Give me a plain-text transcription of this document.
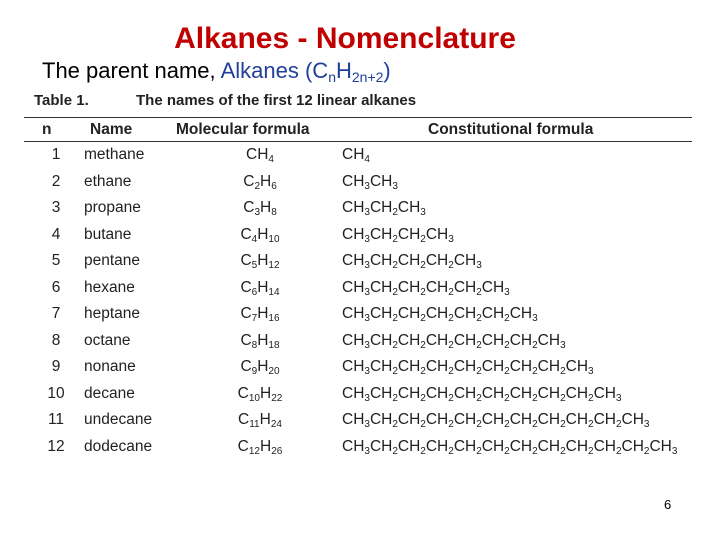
Alkanes - Nomenclature
The parent name, Alkanes $(C_nH_{2n+2})$
Table 1.	The names of the first 12 linear alkanes
n	Name	Molecular formula	Constitutional formula
1	methane	$CH_4$	$CH_4$
2	ethane	$C_2H_6$	$CH_3CH_3$
3	propane	$C_3H_8$	$CH_3CH_2CH_3$
4	butane	$C_4H_{10}$	$CH_3CH_2CH_2CH_3$
5	pentane	$C_5H_{12}$	$CH_3CH_2CH_2CH_2CH_3$
6	hexane	$C_6H_{14}$	$CH_3CH_2CH_2CH_2CH_2CH_3$
7	heptane	$C_7H_{16}$	$CH_3CH_2CH_2CH_2CH_2CH_2CH_3$
8	octane	$C_8H_{18}$	$CH_3CH_2CH_2CH_2CH_2CH_2CH_2CH_3$
9	nonane	$C_9H_{20}$	$CH_3CH_2CH_2CH_2CH_2CH_2CH_2CH_2CH_3$
10	decane	$C_{10}H_{22}$	$CH_3CH_2CH_2CH_2CH_2CH_2CH_2CH_2CH_2CH_3$
11	undecane	$C_{11}H_{24}$	$CH_3CH_2CH_2CH_2CH_2CH_2CH_2CH_2CH_2CH_2CH_3$
12	dodecane	$C_{12}H_{26}$	$CH_3CH_2CH_2CH_2CH_2CH_2CH_2CH_2CH_2CH_2CH_2CH_3$
6
